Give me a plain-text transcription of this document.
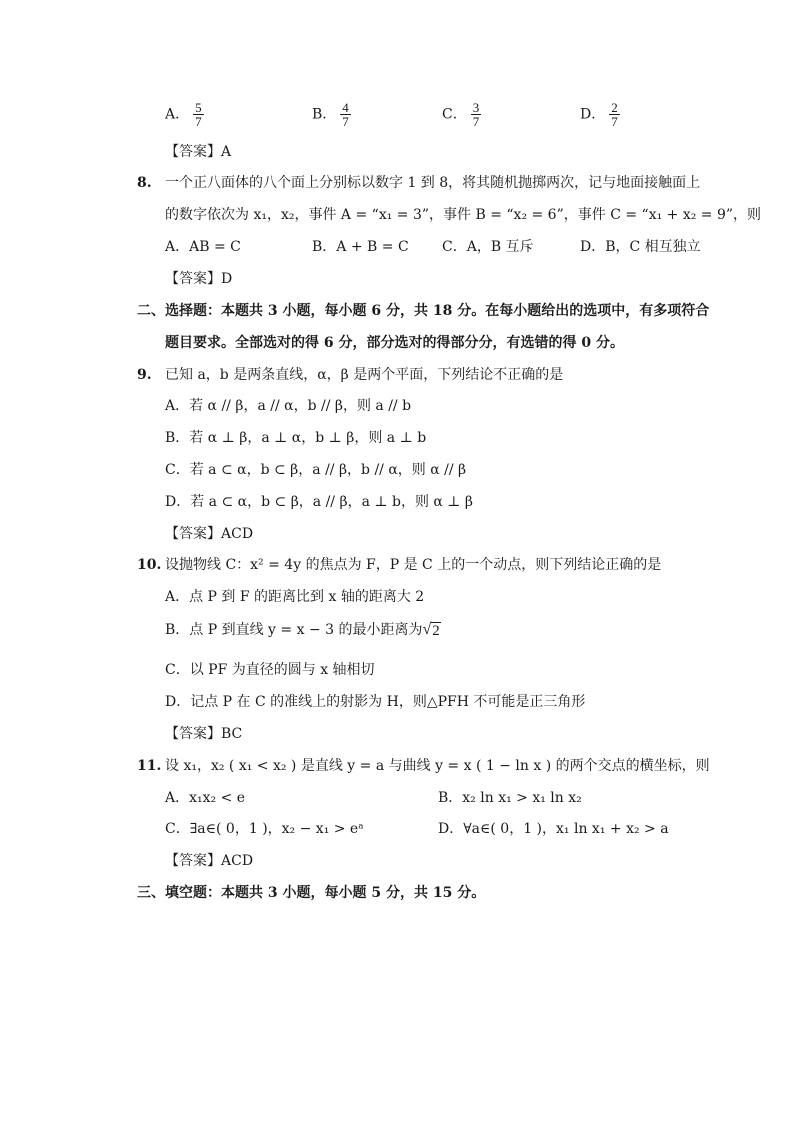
A． $\frac{5}{7}$	B． $\frac{4}{7}$	C． $\frac{3}{7}$	D． $\frac{2}{7}$
【答案】A
8. 一个正八面体的八个面上分别标以数字 1 到 8，将其随机抛掷两次，记与地面接触面上
的数字依次为 x₁，x₂，事件 A = “x₁ = 3”，事件 B = “x₂ = 6”，事件 C = “x₁ + x₂ = 9”，则
A．AB = C	B．A + B = C C．A，B 互斥	D．B，C 相互独立
【答案】D
二、选择题：本题共 3 小题，每小题 6 分，共 18 分。在每小题给出的选项中，有多项符合
题目要求。全部选对的得 6 分，部分选对的得部分分，有选错的得 0 分。
9. 已知 a，b 是两条直线，α，β 是两个平面，下列结论不正确的是
A．若 α // β，a // α，b // β，则 a // b
B．若 α ⊥ β，a ⊥ α，b ⊥ β，则 a ⊥ b
C．若 a ⊂ α，b ⊂ β，a // β，b // α，则 α // β
D．若 a ⊂ α，b ⊂ β，a // β，a ⊥ b，则 α ⊥ β
【答案】ACD
10. 设抛物线 C：x² = 4y 的焦点为 F，P 是 C 上的一个动点，则下列结论正确的是
A．点 P 到 F 的距离比到 x 轴的距离大 2
B．点 P 到直线 y = x − 3 的最小距离为 √ 2
C．以 PF 为直径的圆与 x 轴相切
D．记点 P 在 C 的准线上的射影为 H，则△PFH 不可能是正三角形
【答案】BC
11. 设 x₁，x₂ ( x₁ < x₂ ) 是直线 y = a 与曲线 y = x ( 1 − ln x ) 的两个交点的横坐标，则
A．x₁x₂ < e	B．x₂ ln x₁ > x₁ ln x₂
C．∃a∈( 0，1 )，x₂ − x₁ > eᵃ	D．∀a∈( 0，1 )，x₁ ln x₁ + x₂ > a
【答案】ACD
三、填空题：本题共 3 小题，每小题 5 分，共 15 分。
